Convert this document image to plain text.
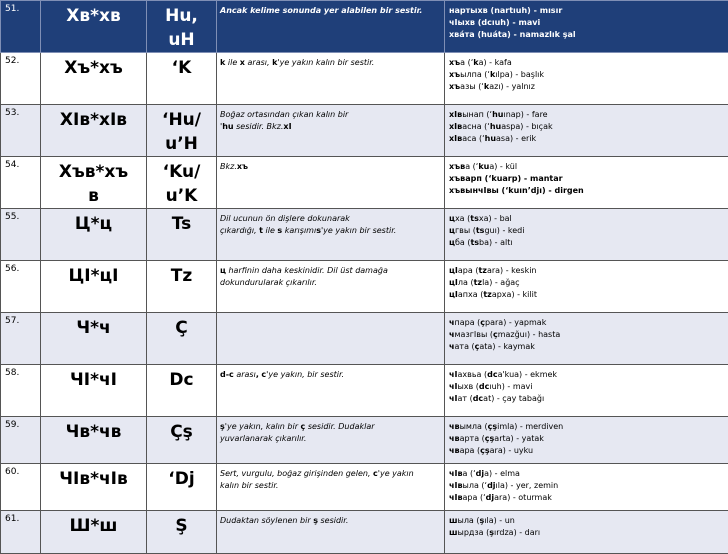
51.	Хв*хв	Hu,
uH	Ancak kelime sonunda yer alabilen bir sestir.	нартыхв (nartıuh) - mısır
чIыхв (dcıuh) - mavi
хвáта (huáta) - namazlık şal

52.	Хъ*хъ	‘K	k ile x arası, k'ye yakın kalın bir sestir.	хъа (‘ka) - kafa
хъылпа (‘kılpa) - başlık
хъазы (‘kazı) - yalnız

53.	ХIв*хIв	‘Hu/
u’H	Boğaz ortasından çıkan kalın bir
'hu sesidir. Bkz.хI	хIвынап (‘huınap) - fare
хIвасна (‘huaspa) - bıçak
хIваса (‘huasa) - erik

54.	Хъв*хъ
в	‘Ku/
u’K	Bkz.хъ	хъва (‘kua) - kül
хъварп (‘kuarp) - mantar
хъвынчIвы (‘kuın’djı) - dirgen

55.	Ц*ц	Ts	Dil ucunun ön dişlere dokunarak
çıkardığı, t ile s karışımıs'ye yakın bir sestir.	цха (tsxa) - bal
цгвы (tsguı) - kedi
цба (tsba) - altı

56.	ЦI*цI	Tz	ц harfinin daha keskinidir. Dil üst damağa
dokundurularak çıkarılır.	цIара (tzara) - keskin
цIла (tzla) - ağaç
цIапха (tzapxa) - kilit

57.	Ч*ч	Ç		чпара (çpara) - yapmak
чмазгIвы (çmazğuı) - hasta
чата (çata) - kaymak

58.	ЧI*чI	Dc	d-c arası, c'ye yakın, bir sestir.	чIахвьа (dca'kua) - ekmek
чIыхв (dcıuh) - mavi
чIат (dcat) - çay tabağı

59.	Чв*чв	Çş	ş'ye yakın, kalın bir ç sesidir. Dudaklar
yuvarlanarak çıkarılır.	чвымла (çşimla) - merdiven
чварта (çşarta) - yatak
чвара (çşara) - uyku

60.	ЧIв*чIв	‘Dj	Sert, vurgulu, boğaz girişinden gelen, c'ye yakın
kalın bir sestir.	чIва (‘dja) - elma
чIвыла (‘djıla) - yer, zemin
чIвара (‘djara) - oturmak

61.	Ш*ш	Ş	Dudaktan söylenen bir ş sesidir.	шыла (şıla) - un
шырдза (şırdza) - darı
